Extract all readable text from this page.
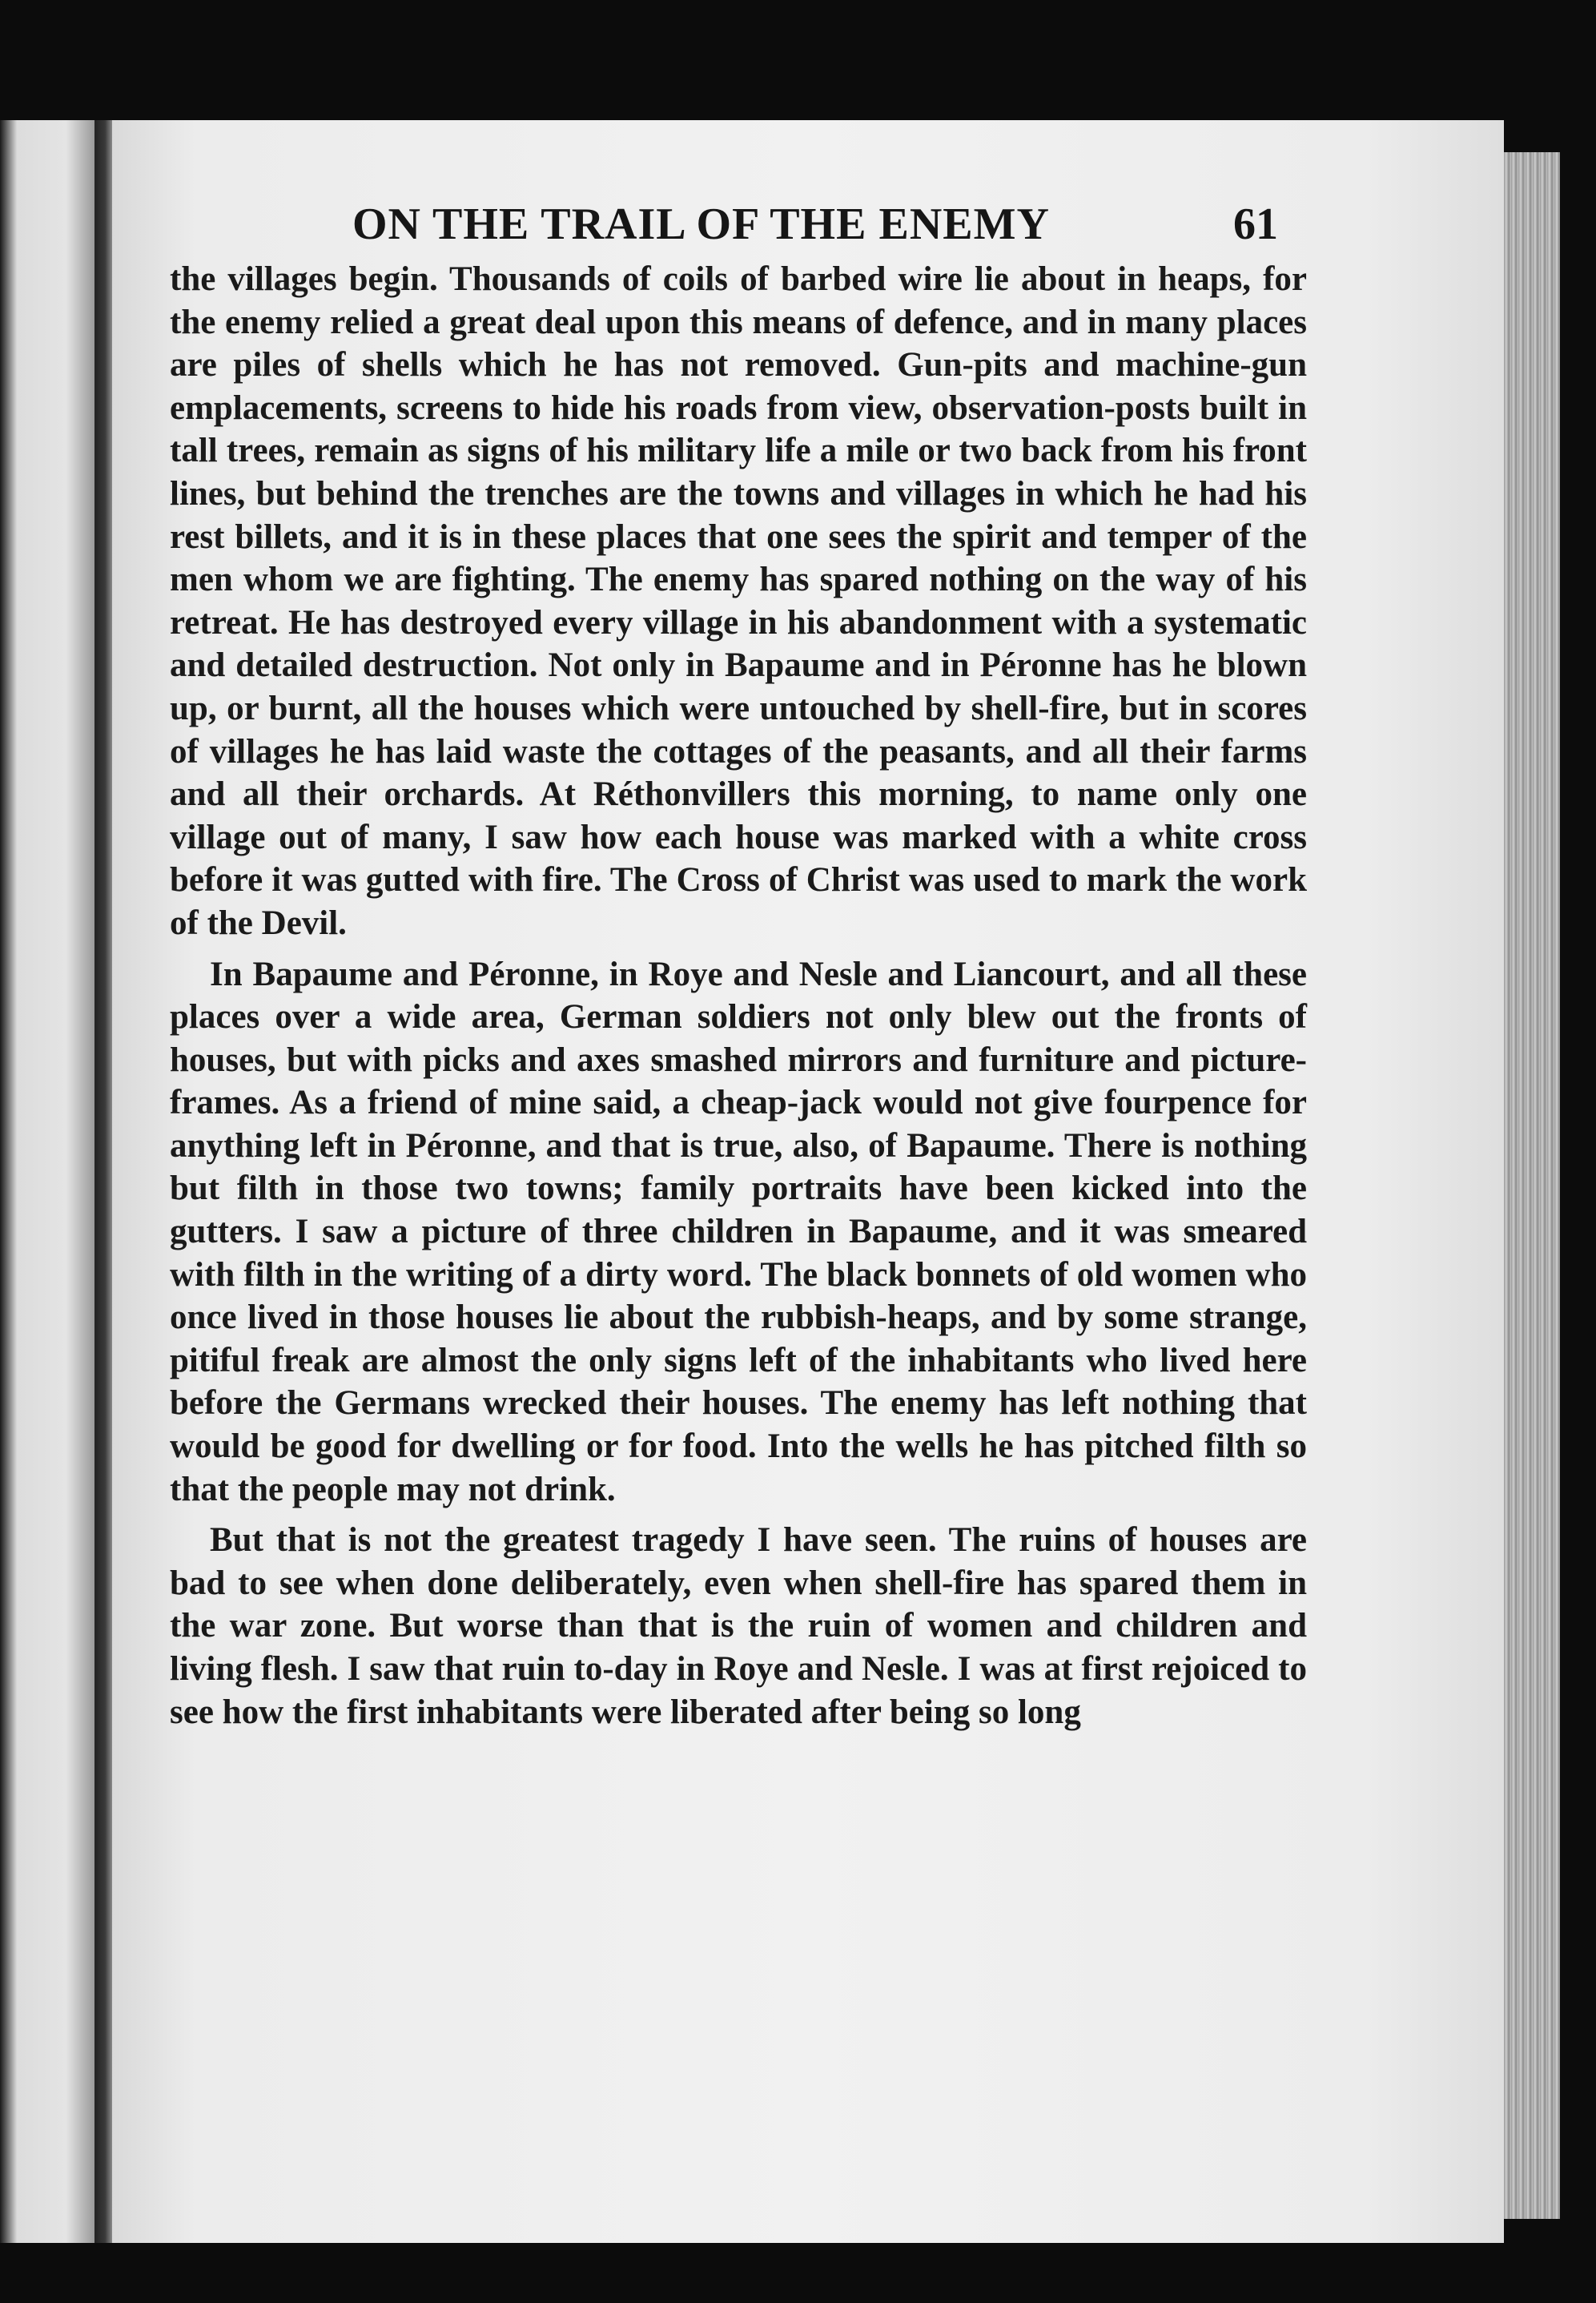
ON THE TRAIL OF THE ENEMY	61

the villages begin. Thousands of coils of barbed wire lie about in heaps, for the enemy relied a great deal upon this means of defence, and in many places are piles of shells which he has not removed. Gun-pits and machine-gun emplacements, screens to hide his roads from view, observation-posts built in tall trees, remain as signs of his military life a mile or two back from his front lines, but behind the trenches are the towns and villages in which he had his rest billets, and it is in these places that one sees the spirit and temper of the men whom we are fighting. The enemy has spared nothing on the way of his retreat. He has destroyed every village in his abandonment with a systematic and detailed destruction. Not only in Bapaume and in Péronne has he blown up, or burnt, all the houses which were untouched by shell-fire, but in scores of villages he has laid waste the cottages of the peasants, and all their farms and all their orchards. At Réthonvillers this morning, to name only one village out of many, I saw how each house was marked with a white cross before it was gutted with fire. The Cross of Christ was used to mark the work of the Devil.

In Bapaume and Péronne, in Roye and Nesle and Liancourt, and all these places over a wide area, German soldiers not only blew out the fronts of houses, but with picks and axes smashed mirrors and furniture and picture-frames. As a friend of mine said, a cheap-jack would not give fourpence for anything left in Péronne, and that is true, also, of Bapaume. There is nothing but filth in those two towns; family portraits have been kicked into the gutters. I saw a picture of three children in Bapaume, and it was smeared with filth in the writing of a dirty word. The black bonnets of old women who once lived in those houses lie about the rubbish-heaps, and by some strange, pitiful freak are almost the only signs left of the inhabitants who lived here before the Germans wrecked their houses. The enemy has left nothing that would be good for dwelling or for food. Into the wells he has pitched filth so that the people may not drink.

But that is not the greatest tragedy I have seen. The ruins of houses are bad to see when done deliberately, even when shell-fire has spared them in the war zone. But worse than that is the ruin of women and children and living flesh. I saw that ruin to-day in Roye and Nesle. I was at first rejoiced to see how the first inhabitants were liberated after being so long
